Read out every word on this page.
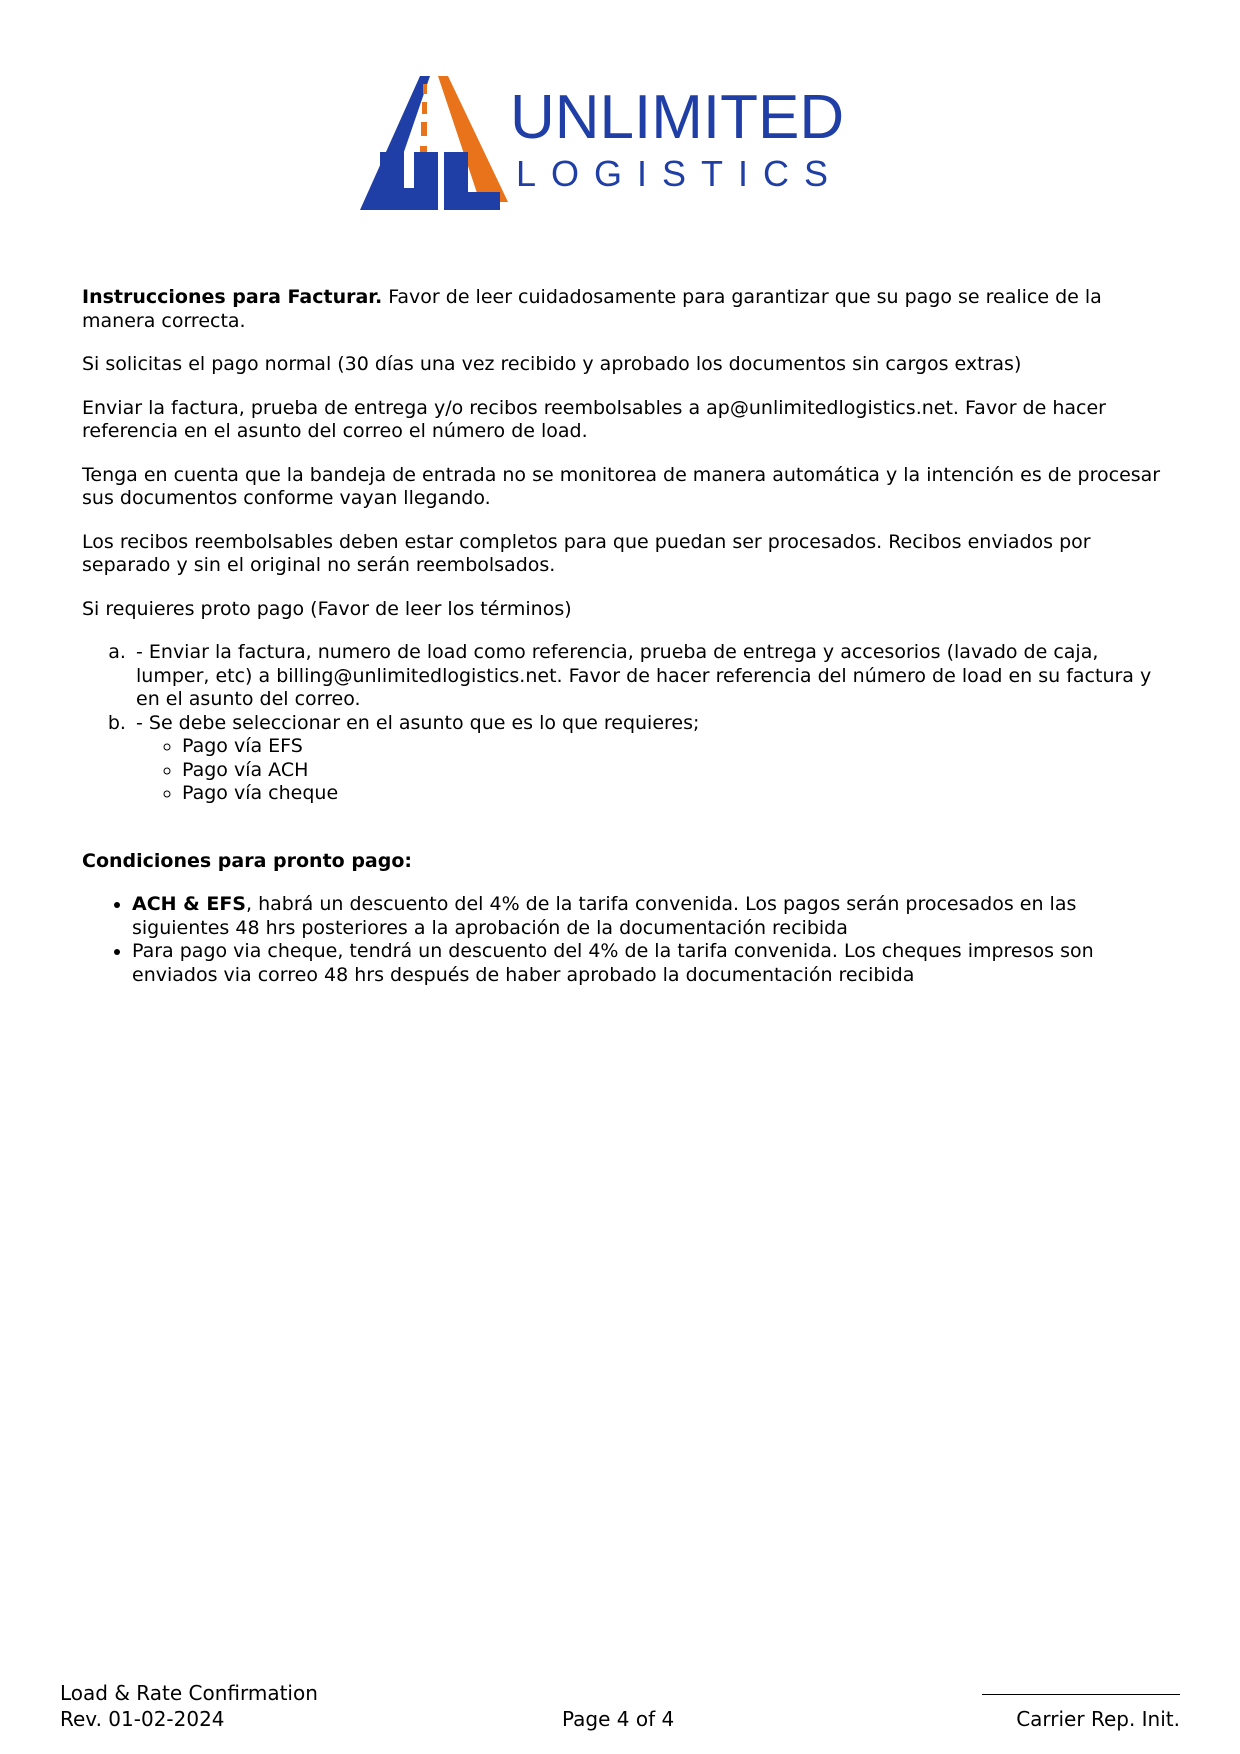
UNLIMITED
LOGISTICS

Instrucciones para Facturar. Favor de leer cuidadosamente para garantizar que su pago se realice de la manera correcta.

Si solicitas el pago normal (30 días una vez recibido y aprobado los documentos sin cargos extras)

Enviar la factura, prueba de entrega y/o recibos reembolsables a ap@unlimitedlogistics.net. Favor de hacer referencia en el asunto del correo el número de load.

Tenga en cuenta que la bandeja de entrada no se monitorea de manera automática y la intención es de procesar sus documentos conforme vayan llegando.

Los recibos reembolsables deben estar completos para que puedan ser procesados. Recibos enviados por separado y sin el original no serán reembolsados.

Si requieres proto pago (Favor de leer los términos)

a. - Enviar la factura, numero de load como referencia, prueba de entrega y accesorios (lavado de caja, lumper, etc) a billing@unlimitedlogistics.net. Favor de hacer referencia del número de load en su factura y en el asunto del correo.
b. - Se debe seleccionar en el asunto que es lo que requieres;
◦ Pago vía EFS
◦ Pago vía ACH
◦ Pago vía cheque

Condiciones para pronto pago:

• ACH & EFS, habrá un descuento del 4% de la tarifa convenida. Los pagos serán procesados en las siguientes 48 hrs posteriores a la aprobación de la documentación recibida
• Para pago via cheque, tendrá un descuento del 4% de la tarifa convenida. Los cheques impresos son enviados via correo 48 hrs después de haber aprobado la documentación recibida
Load & Rate Confirmation
Rev. 01-02-2024	Page 4 of 4	Carrier Rep. Init.
